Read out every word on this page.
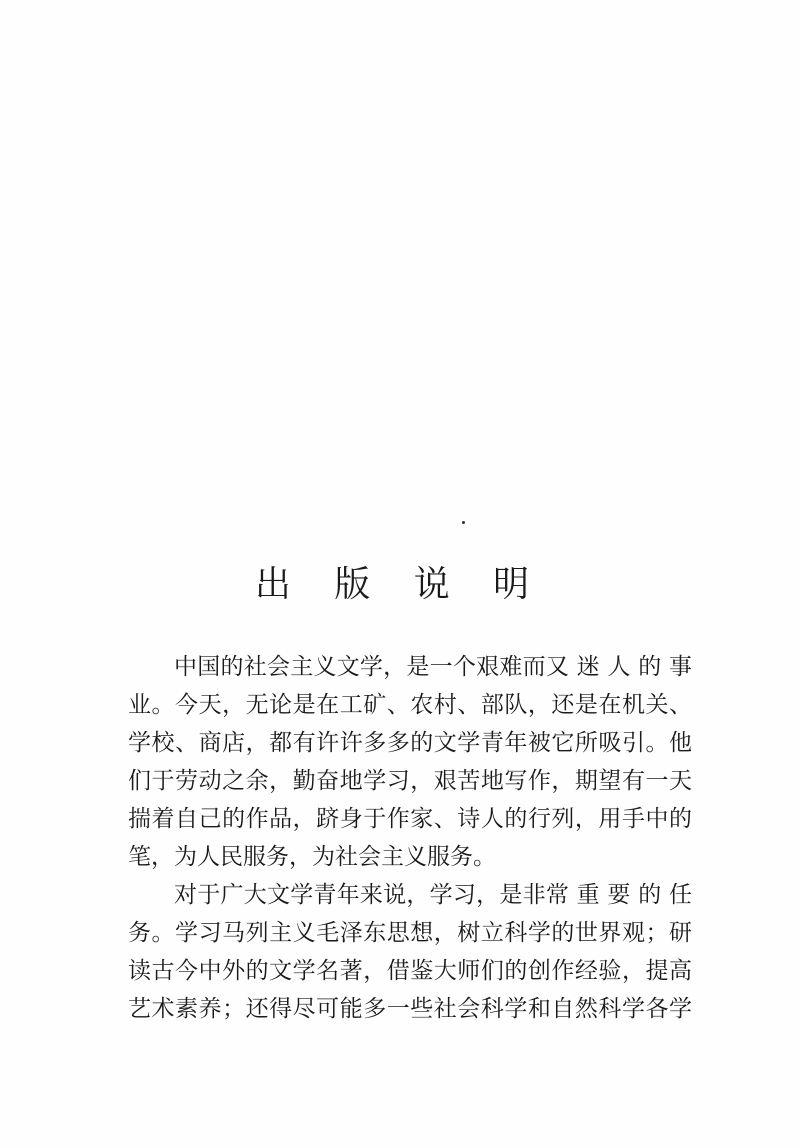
出 版 说 明
中国的社会主义文学，是一个艰难而又 迷 人 的 事
业。今天，无论是在工矿、农村、部队，还是在机关、
学校、商店，都有许许多多的文学青年被它所吸引。他
们于劳动之余，勤奋地学习，艰苦地写作，期望有一天
揣着自己的作品，跻身于作家、诗人的行列，用手中的
笔，为人民服务，为社会主义服务。
对于广大文学青年来说，学习，是非常 重 要 的 任
务。学习马列主义毛泽东思想，树立科学的世界观；研
读古今中外的文学名著，借鉴大师们的创作经验，提高
艺术素养；还得尽可能多一些社会科学和自然科学各学
